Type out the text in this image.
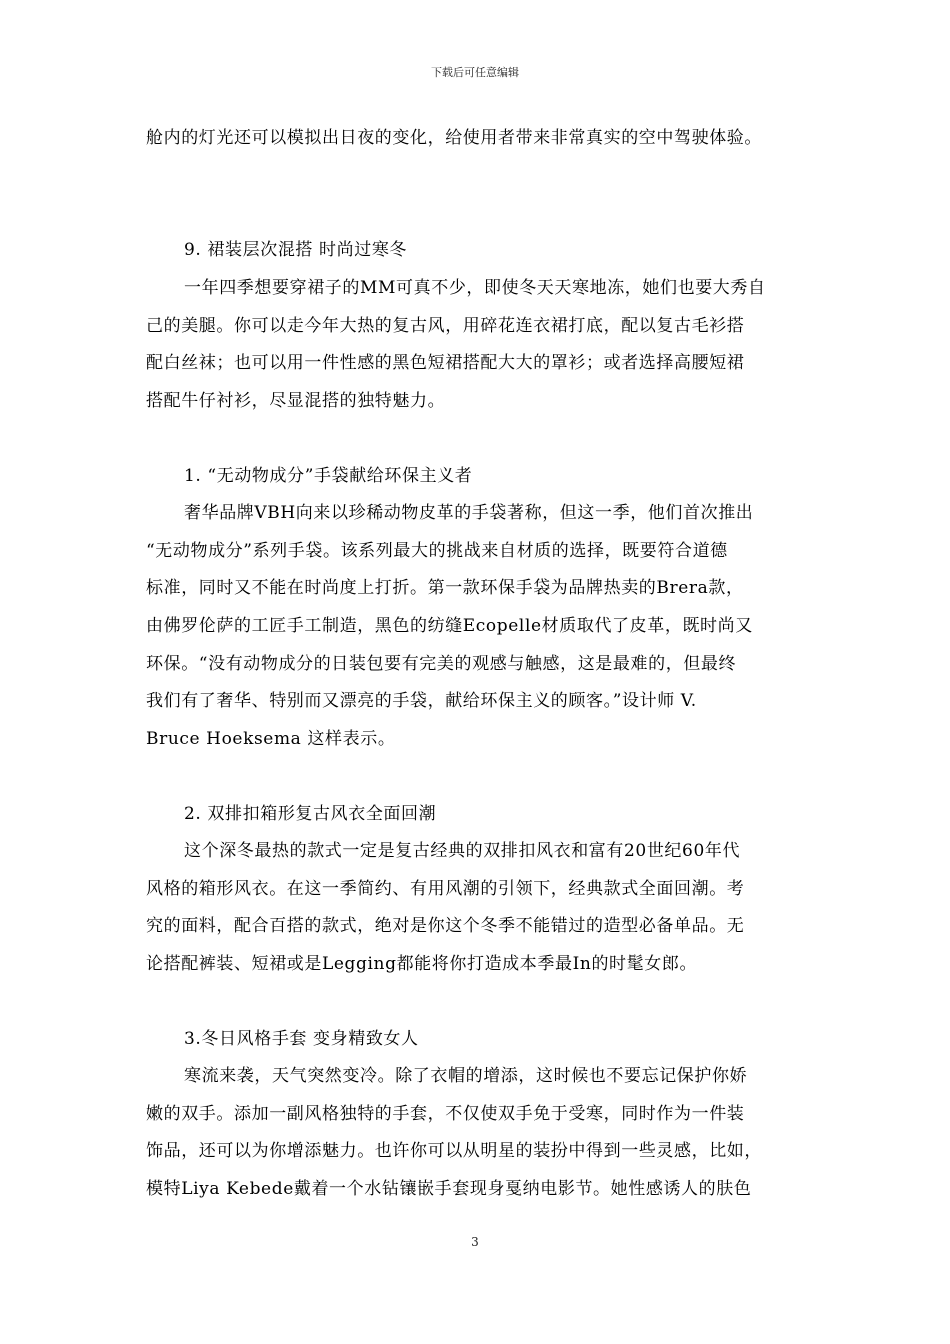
下载后可任意编辑
舱内的灯光还可以模拟出日夜的变化，给使用者带来非常真实的空中驾驶体验。
9. 裙装层次混搭 时尚过寒冬
一年四季想要穿裙子的MM可真不少，即使冬天天寒地冻，她们也要大秀自
己的美腿。你可以走今年大热的复古风，用碎花连衣裙打底，配以复古毛衫搭
配白丝袜；也可以用一件性感的黑色短裙搭配大大的罩衫；或者选择高腰短裙
搭配牛仔衬衫，尽显混搭的独特魅力。
1. “无动物成分”手袋献给环保主义者
奢华品牌VBH向来以珍稀动物皮革的手袋著称，但这一季，他们首次推出
“无动物成分”系列手袋。该系列最大的挑战来自材质的选择，既要符合道德
标准，同时又不能在时尚度上打折。第一款环保手袋为品牌热卖的Brera款，
由佛罗伦萨的工匠手工制造，黑色的纺缝Ecopelle材质取代了皮革，既时尚又
环保。“没有动物成分的日装包要有完美的观感与触感，这是最难的，但最终
我们有了奢华、特别而又漂亮的手袋，献给环保主义的顾客。”设计师 V.
Bruce Hoeksema 这样表示。
2. 双排扣箱形复古风衣全面回潮
这个深冬最热的款式一定是复古经典的双排扣风衣和富有20世纪60年代
风格的箱形风衣。在这一季简约、有用风潮的引领下，经典款式全面回潮。考
究的面料，配合百搭的款式，绝对是你这个冬季不能错过的造型必备单品。无
论搭配裤装、短裙或是Legging都能将你打造成本季最In的时髦女郎。
3.冬日风格手套 变身精致女人
寒流来袭，天气突然变冷。除了衣帽的增添，这时候也不要忘记保护你娇
嫩的双手。添加一副风格独特的手套，不仅使双手免于受寒，同时作为一件装
饰品，还可以为你增添魅力。也许你可以从明星的装扮中得到一些灵感，比如，
模特Liya Kebede戴着一个水钻镶嵌手套现身戛纳电影节。她性感诱人的肤色
3
